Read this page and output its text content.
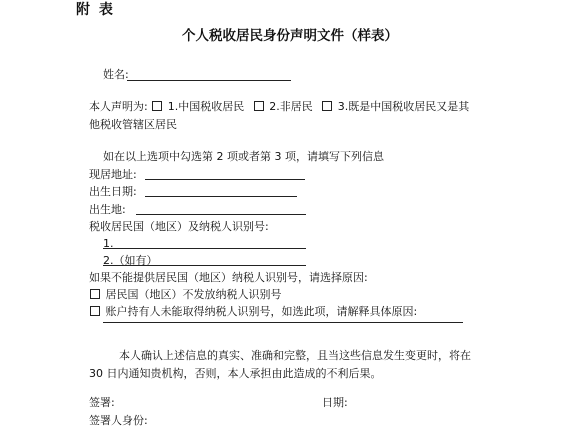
附 表
个人税收居民身份声明文件（样表）
姓名:
本人声明为: 1.中国税收居民 2.非居民 3.既是中国税收居民又是其
他税收管辖区居民
如在以上选项中勾选第 2 项或者第 3 项，请填写下列信息
现居地址:
出生日期:
出生地:
税收居民国（地区）及纳税人识别号:
1.
2.（如有）
如果不能提供居民国（地区）纳税人识别号，请选择原因:
居民国（地区）不发放纳税人识别号
账户持有人未能取得纳税人识别号，如选此项，请解释具体原因:
本人确认上述信息的真实、准确和完整，且当这些信息发生变更时，将在
30 日内通知贵机构，否则，本人承担由此造成的不利后果。
签署:	日期:
签署人身份:
